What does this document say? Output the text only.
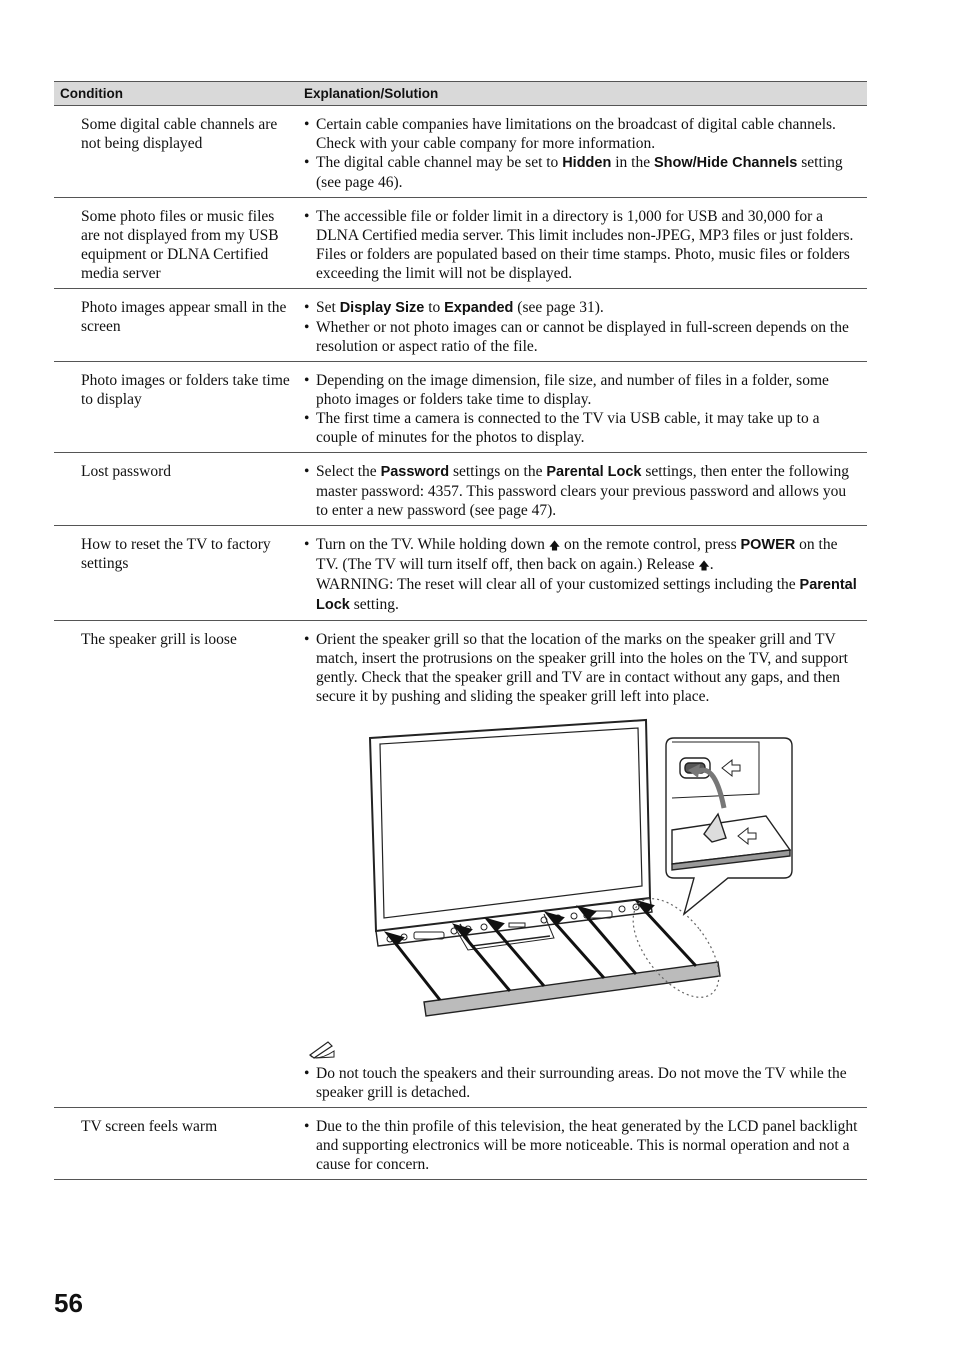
Condition	Explanation/Solution
Some digital cable channels are not being displayed	• Certain cable companies have limitations on the broadcast of digital cable channels. Check with your cable company for more information.

• The digital cable channel may be set to Hidden in the Show/Hide Channels setting (see page 46).

Some photo files or music files are not displayed from my USB equipment or DLNA Certified media server	• The accessible file or folder limit in a directory is 1,000 for USB and 30,000 for a DLNA Certified media server. This limit includes non-JPEG, MP3 files or just folders. Files or folders are populated based on their time stamps. Photo, music files or folders exceeding the limit will not be displayed.

Photo images appear small in the screen	• Set Display Size to Expanded (see page 31).

• Whether or not photo images can or cannot be displayed in full-screen depends on the resolution or aspect ratio of the file.

Photo images or folders take time to display	• Depending on the image dimension, file size, and number of files in a folder, some photo images or folders take time to display.

• The first time a camera is connected to the TV via USB cable, it may take up to a couple of minutes for the photos to display.

Lost password	• Select the Password settings on the Parental Lock settings, then enter the following master password: 4357. This password clears your previous password and allows you to enter a new password (see page 47).

How to reset the TV to factory settings	• Turn on the TV. While holding down 🡅 on the remote control, press POWER on the TV. (The TV will turn itself off, then back on again.) Release 🡅.
WARNING: The reset will clear all of your customized settings including the Parental Lock setting.

The speaker grill is loose	• Orient the speaker grill so that the location of the marks on the speaker grill and TV match, insert the protrusions on the speaker grill into the holes on the TV, and support gently. Check that the speaker grill and TV are in contact without any gaps, and then secure it by pushing and sliding the speaker grill left into place.

• Do not touch the speakers and their surrounding areas. Do not move the TV while the speaker grill is detached.

TV screen feels warm	• Due to the thin profile of this television, the heat generated by the LCD panel backlight and supporting electronics will be more noticeable. This is normal operation and not a cause for concern.

56
